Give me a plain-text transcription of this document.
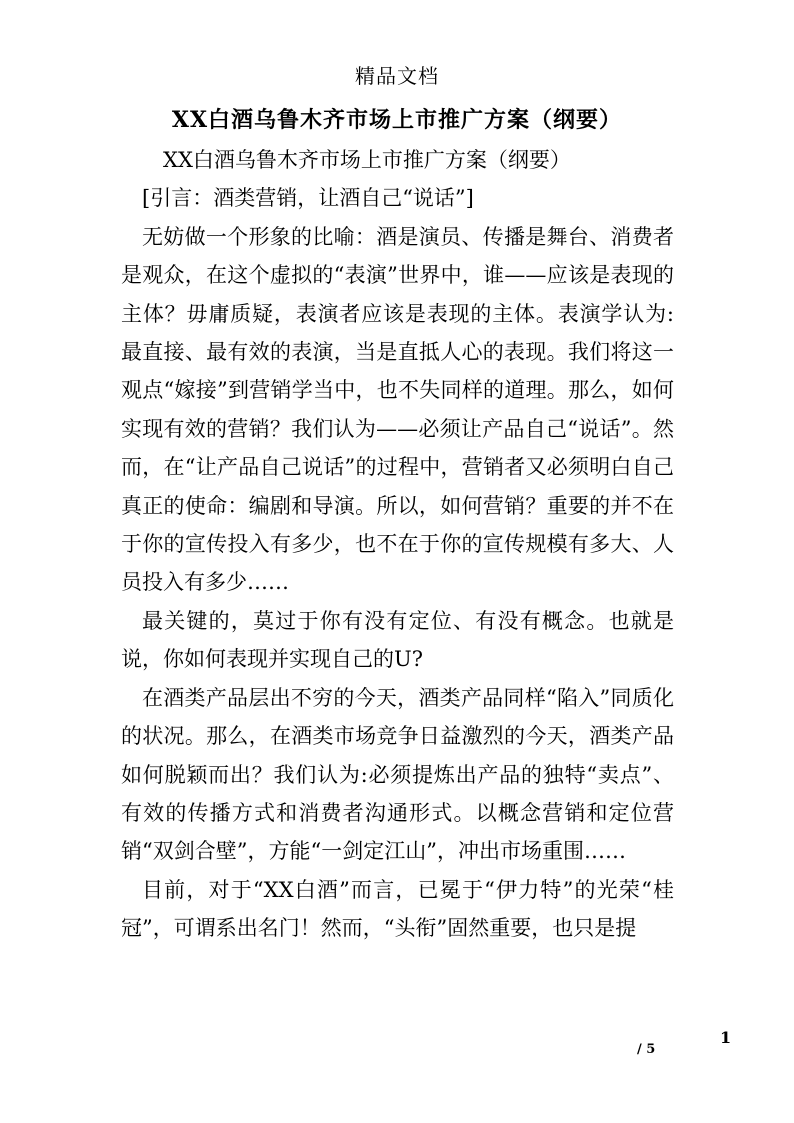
精品文档
XX白酒乌鲁木齐市场上市推广方案（纲要）

XX白酒乌鲁木齐市场上市推广方案（纲要）

[引言：酒类营销，让酒自己“说话”]

无妨做一个形象的比喻：酒是演员、传播是舞台、消费者是观众，在这个虚拟的“表演”世界中，谁——应该是表现的主体？毋庸质疑，表演者应该是表现的主体。表演学认为:最直接、最有效的表演，当是直抵人心的表现。我们将这一观点“嫁接”到营销学当中，也不失同样的道理。那么，如何实现有效的营销？我们认为——必须让产品自己“说话”。然而，在“让产品自己说话”的过程中，营销者又必须明白自己真正的使命：编剧和导演。所以，如何营销？重要的并不在于你的宣传投入有多少，也不在于你的宣传规模有多大、人员投入有多少……

最关键的，莫过于你有没有定位、有没有概念。也就是说，你如何表现并实现自己的U?

在酒类产品层出不穷的今天，酒类产品同样“陷入”同质化的状况。那么，在酒类市场竞争日益激烈的今天，酒类产品如何脱颖而出？我们认为:必须提炼出产品的独特“卖点”、有效的传播方式和消费者沟通形式。以概念营销和定位营销“双剑合壁”，方能“一剑定江山”，冲出市场重围……

目前，对于“XX白酒”而言，已冕于“伊力特”的光荣“桂冠”，可谓系出名门！然而，“头衔”固然重要，也只是提

1
/ 5
